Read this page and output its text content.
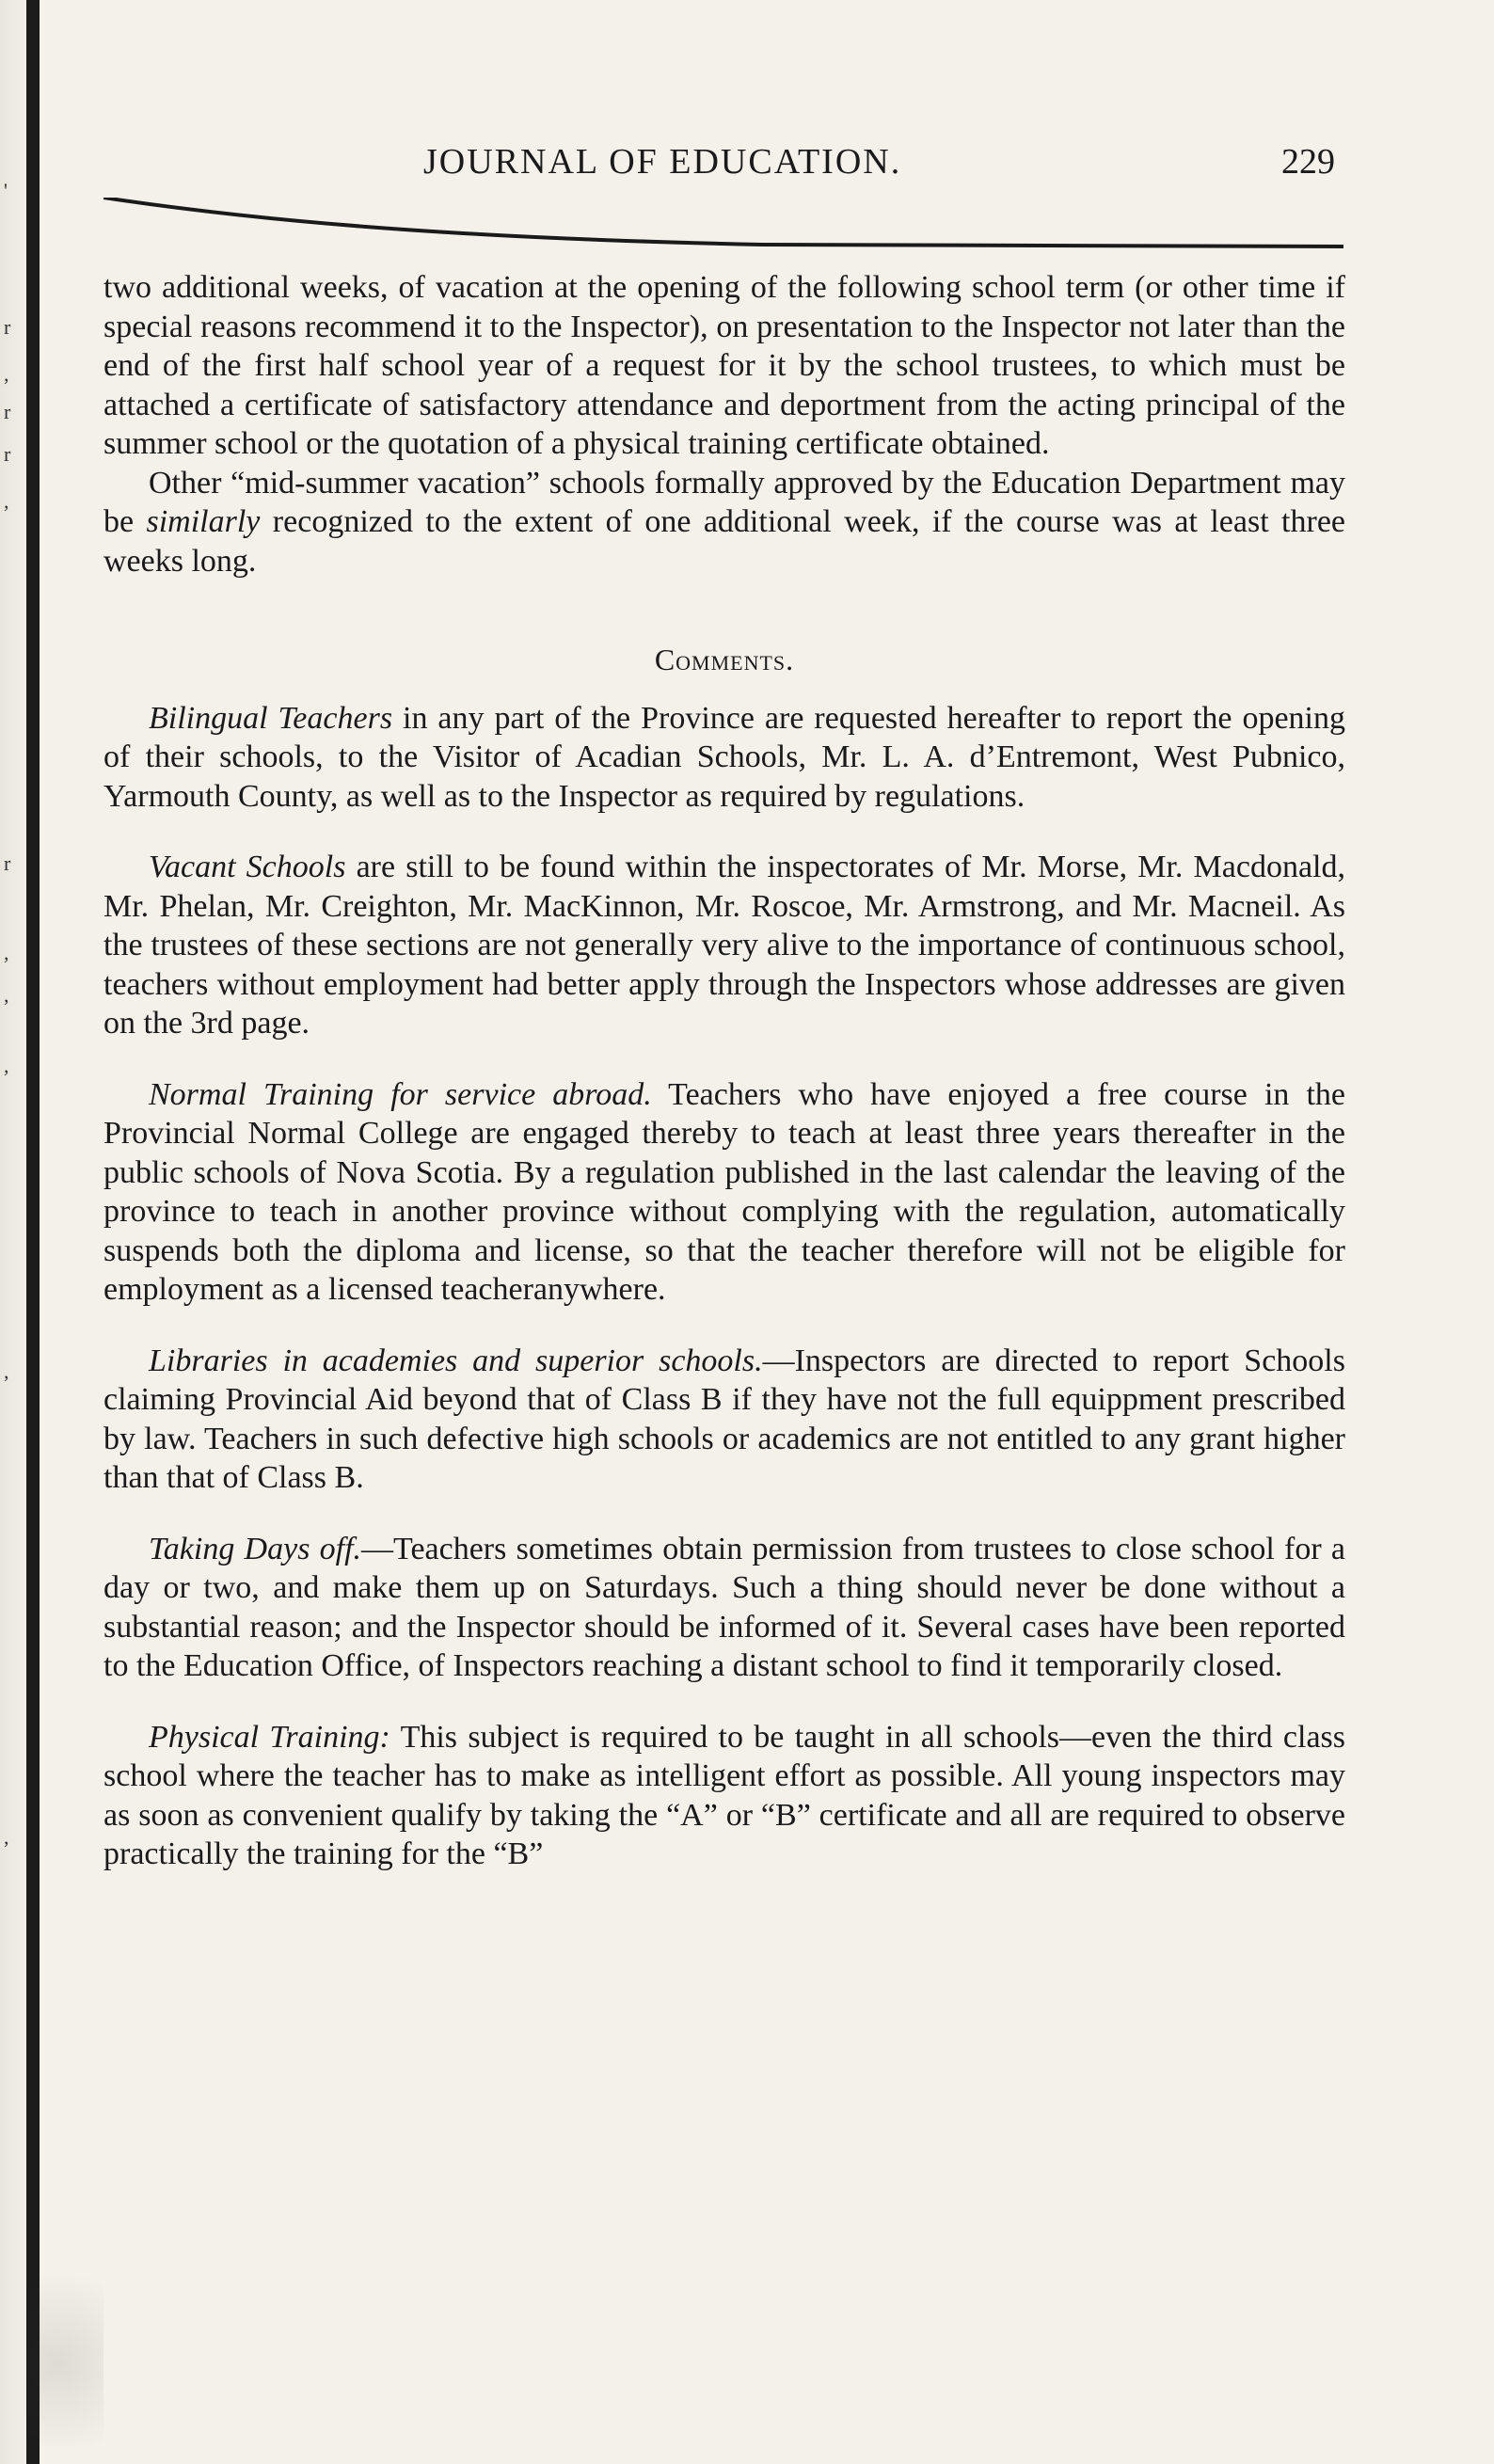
'
r
,
r
r
,
r
,
,
,
,
,
JOURNAL OF EDUCATION.	229

two additional weeks, of vacation at the opening of the following school term (or other time if special reasons recommend it to the Inspector), on presentation to the Inspector not later than the end of the first half school year of a request for it by the school trustees, to which must be attached a certificate of satisfactory attendance and deportment from the acting principal of the summer school or the quotation of a physical training certificate obtained.

Other “mid-summer vacation” schools formally approved by the Education Department may be similarly recognized to the extent of one additional week, if the course was at least three weeks long.

Comments.

Bilingual Teachers in any part of the Province are requested hereafter to report the opening of their schools, to the Visitor of Acadian Schools, Mr. L. A. d’Entremont, West Pubnico, Yarmouth County, as well as to the Inspector as required by regulations.

Vacant Schools are still to be found within the inspectorates of Mr. Morse, Mr. Macdonald, Mr. Phelan, Mr. Creighton, Mr. MacKinnon, Mr. Roscoe, Mr. Armstrong, and Mr. Macneil. As the trustees of these sections are not generally very alive to the importance of continuous school, teachers without employment had better apply through the Inspectors whose addresses are given on the 3rd page.

Normal Training for service abroad. Teachers who have enjoyed a free course in the Provincial Normal College are engaged thereby to teach at least three years thereafter in the public schools of Nova Scotia. By a regulation published in the last calendar the leaving of the province to teach in another province without complying with the regulation, automatically suspends both the diploma and license, so that the teacher therefore will not be eligible for employment as a licensed teacheranywhere.

Libraries in academies and superior schools.—Inspectors are directed to report Schools claiming Provincial Aid beyond that of Class B if they have not the full equippment prescribed by law. Teachers in such defective high schools or academics are not entitled to any grant higher than that of Class B.

Taking Days off.—Teachers sometimes obtain permission from trustees to close school for a day or two, and make them up on Saturdays. Such a thing should never be done without a substantial reason; and the Inspector should be informed of it. Several cases have been reported to the Education Office, of Inspectors reaching a distant school to find it temporarily closed.

Physical Training: This subject is required to be taught in all schools—even the third class school where the teacher has to make as intelligent effort as possible. All young inspectors may as soon as convenient qualify by taking the “A” or “B” certificate and all are required to observe practically the training for the “B”
